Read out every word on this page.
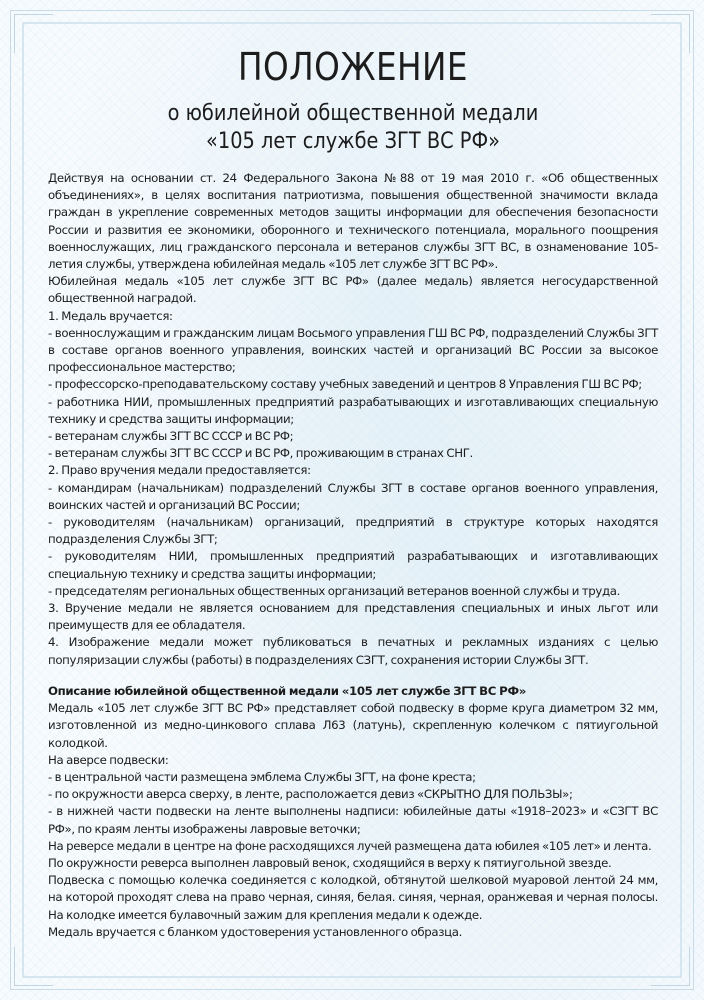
ПОЛОЖЕНИЕ
о юбилейной общественной медали
«105 лет службе ЗГТ ВС РФ»

Действуя на основании ст. 24 Федерального Закона №88 от 19 мая 2010 г. «Об общественных объединениях», в целях воспитания патриотизма, повышения общественной значимости вклада граждан в укрепление современных методов защиты информации для обеспечения безопасности России и развития ее экономики, оборонного и технического потенциала, морального поощрения военнослужащих, лиц гражданского персонала и ветеранов службы ЗГТ ВС, в ознаменование 105-летия службы, утверждена юбилейная медаль «105 лет службе ЗГТ ВС РФ».

Юбилейная медаль «105 лет службе ЗГТ ВС РФ» (далее медаль) является негосударственной общественной наградой.

1. Медаль вручается:

- военнослужащим и гражданским лицам Восьмого управления ГШ ВС РФ, подразделений Службы ЗГТ в составе органов военного управления, воинских частей и организаций ВС России за высокое профессиональное мастерство;

- профессорско-преподавательскому составу учебных заведений и центров 8 Управления ГШ ВС РФ;

- работника НИИ, промышленных предприятий разрабатывающих и изготавливающих специальную технику и средства защиты информации;

- ветеранам службы ЗГТ ВС СССР и ВС РФ;

- ветеранам службы ЗГТ ВС СССР и ВС РФ, проживающим в странах СНГ.

2. Право вручения медали предоставляется:

- командирам (начальникам) подразделений Службы ЗГТ в составе органов военного управления, воинских частей и организаций ВС России;

- руководителям (начальникам) организаций, предприятий в структуре которых находятся подразделения Службы ЗГТ;

- руководителям НИИ, промышленных предприятий разрабатывающих и изготавливающих специальную технику и средства защиты информации;

- председателям региональных общественных организаций ветеранов военной службы и труда.

3. Вручение медали не является основанием для представления специальных и иных льгот или преимуществ для ее обладателя.

4. Изображение медали может публиковаться в печатных и рекламных изданиях с целью популяризации службы (работы) в подразделениях СЗГТ, сохранения истории Службы ЗГТ.

Описание юбилейной общественной медали «105 лет службе ЗГТ ВС РФ»

Медаль «105 лет службе ЗГТ ВС РФ» представляет собой подвеску в форме круга диаметром 32 мм, изготовленной из медно-цинкового сплава Л63 (латунь), скрепленную колечком с пятиугольной колодкой.

На аверсе подвески:

- в центральной части размещена эмблема Службы ЗГТ, на фоне креста;

- по окружности аверса сверху, в ленте, расположается девиз «СКРЫТНО ДЛЯ ПОЛЬЗЫ»;

- в нижней части подвески на ленте выполнены надписи: юбилейные даты «1918–2023» и «СЗГТ ВС РФ», по краям ленты изображены лавровые веточки;

На реверсе медали в центре на фоне расходящихся лучей размещена дата юбилея «105 лет» и лента.

По окружности реверса выполнен лавровый венок, сходящийся в верху к пятиугольной звезде.

Подвеска с помощью колечка соединяется с колодкой, обтянутой шелковой муаровой лентой 24 мм, на которой проходят слева на право черная, синяя, белая. синяя, черная, оранжевая и черная полосы. На колодке имеется булавочный зажим для крепления медали к одежде.

Медаль вручается с бланком удостоверения установленного образца.
